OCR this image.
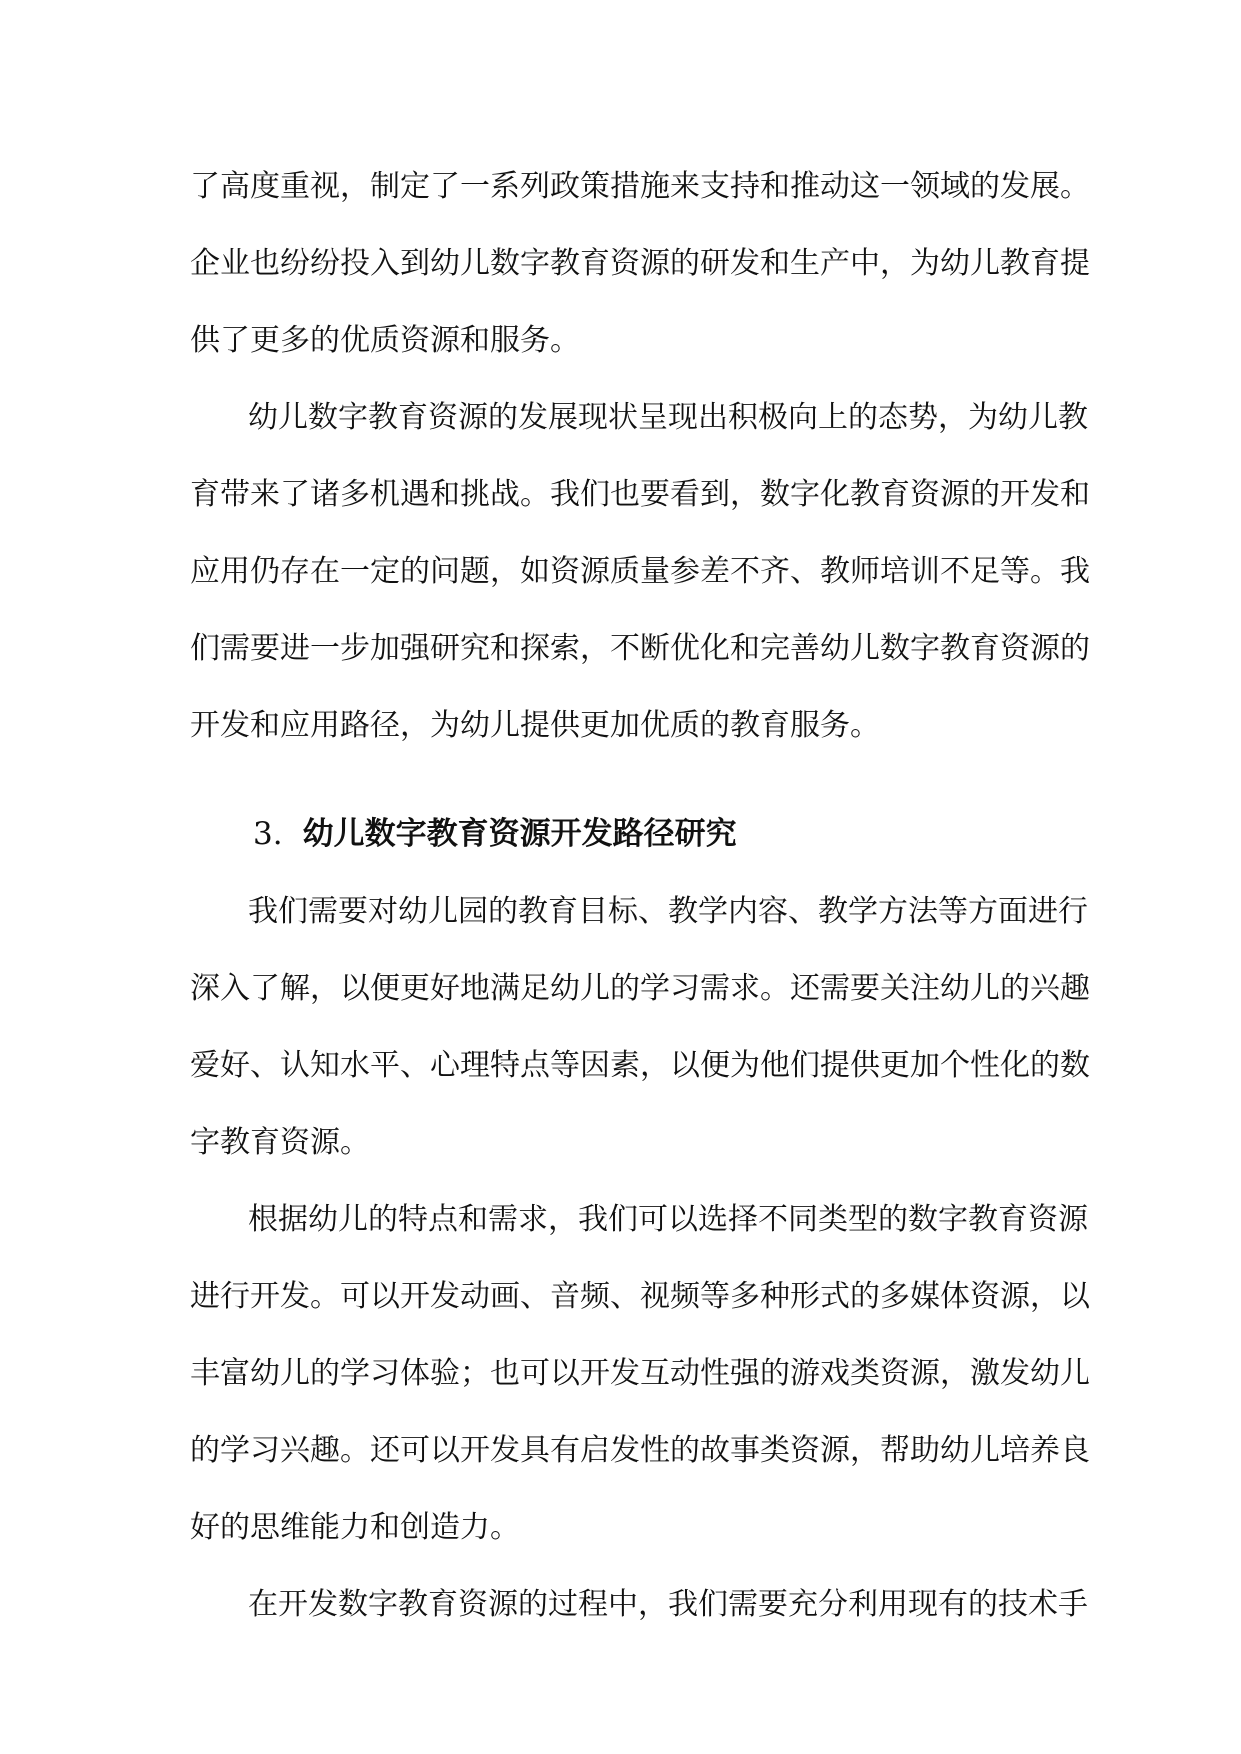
了高度重视，制定了一系列政策措施来支持和推动这一领域的发展。
企业也纷纷投入到幼儿数字教育资源的研发和生产中，为幼儿教育提
供了更多的优质资源和服务。
幼儿数字教育资源的发展现状呈现出积极向上的态势，为幼儿教
育带来了诸多机遇和挑战。我们也要看到，数字化教育资源的开发和
应用仍存在一定的问题，如资源质量参差不齐、教师培训不足等。我
们需要进一步加强研究和探索，不断优化和完善幼儿数字教育资源的
开发和应用路径，为幼儿提供更加优质的教育服务。
3. 幼儿数字教育资源开发路径研究
我们需要对幼儿园的教育目标、教学内容、教学方法等方面进行
深入了解，以便更好地满足幼儿的学习需求。还需要关注幼儿的兴趣
爱好、认知水平、心理特点等因素，以便为他们提供更加个性化的数
字教育资源。
根据幼儿的特点和需求，我们可以选择不同类型的数字教育资源
进行开发。可以开发动画、音频、视频等多种形式的多媒体资源，以
丰富幼儿的学习体验；也可以开发互动性强的游戏类资源，激发幼儿
的学习兴趣。还可以开发具有启发性的故事类资源，帮助幼儿培养良
好的思维能力和创造力。
在开发数字教育资源的过程中，我们需要充分利用现有的技术手
